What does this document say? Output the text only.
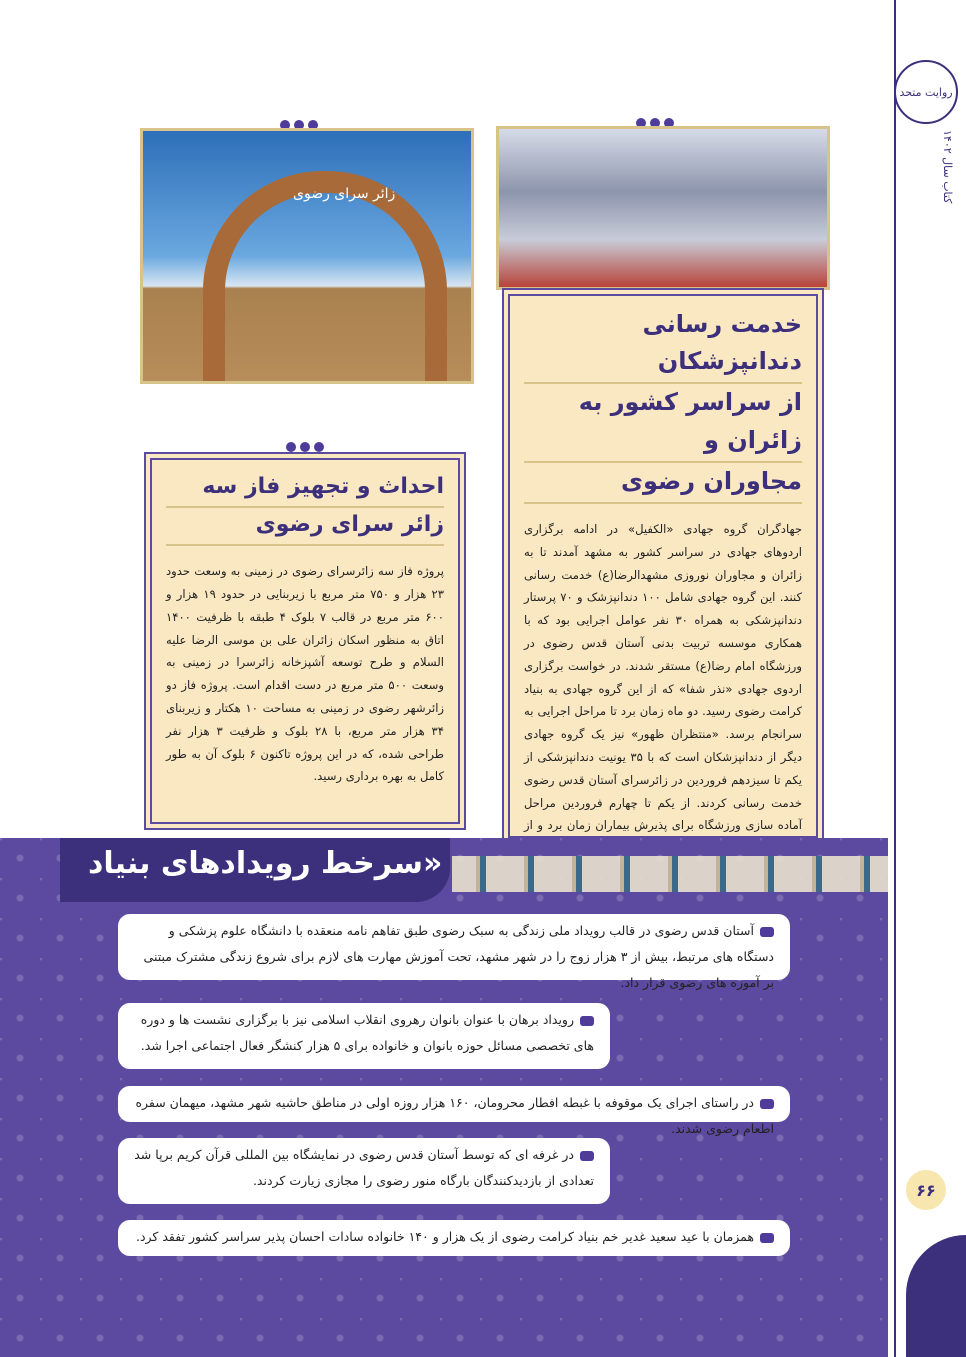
روایت متحد
کتاب سال ۱۴۰۲
۶۶
زائر سرای رضوی
خدمت رسانی دندانپزشکان
از سراسر کشور به زائران و
مجاوران رضوی
جهادگران گروه جهادی «الکفیل» در ادامه برگزاری اردوهای جهادی در سراسر کشور به مشهد آمدند تا به زائران و مجاوران نوروزی مشهدالرضا(ع) خدمت رسانی کنند. این گروه جهادی شامل ۱۰۰ دندانپزشک و ۷۰ پرستار دندانپزشکی به همراه ۳۰ نفر عوامل اجرایی بود که با همکاری موسسه تربیت بدنی آستان قدس رضوی در ورزشگاه امام رضا(ع) مستقر شدند. در خواست برگزاری اردوی جهادی «نذر شفا» که از این گروه جهادی به بنیاد کرامت رضوی رسید. دو ماه زمان برد تا مراحل اجرایی به سرانجام برسد. «منتظران ظهور» نیز یک گروه جهادی دیگر از دندانپزشکان است که با ۳۵ یونیت دندانپزشکی از یکم تا سیزدهم فروردین در زائرسرای آستان قدس رضوی خدمت رسانی کردند. از یکم تا چهارم فروردین مراحل آماده سازی ورزشگاه برای پذیرش بیماران زمان برد و از
احداث و تجهیز فاز سه
زائر سرای رضوی
پروژه فاز سه زائرسرای رضوی در زمینی به وسعت حدود ۲۳ هزار و ۷۵۰ متر مربع با زیربنایی در حدود ۱۹ هزار و ۶۰۰ متر مربع در قالب ۷ بلوک ۴ طبقه با ظرفیت ۱۴۰۰ اتاق به منظور اسکان زائران علی بن موسی الرضا علیه السلام و طرح توسعه آشپزخانه زائرسرا در زمینی به وسعت ۵۰۰ متر مربع در دست اقدام است. پروژه فاز دو زائرشهر رضوی در زمینی به مساحت ۱۰ هکتار و زیربنای ۳۴ هزار متر مربع، با ۲۸ بلوک و ظرفیت ۳ هزار نفر طراحی شده، که در این پروژه تاکنون ۶ بلوک آن به طور کامل به بهره برداری رسید.
«سرخط رویدادهای بنیاد
آستان قدس رضوی در قالب رویداد ملی زندگی به سبک رضوی طبق تفاهم نامه منعقده با دانشگاه علوم پزشکی و دستگاه های مرتبط، بیش از ۳ هزار زوج را در شهر مشهد، تحت آموزش مهارت های لازم برای شروع زندگی مشترک مبتنی بر آموزه های رضوی قرار داد.
رویداد برهان با عنوان بانوان رهروی انقلاب اسلامی نیز با برگزاری نشست ها و دوره های تخصصی مسائل حوزه بانوان و خانواده برای ۵ هزار کنشگر فعال اجتماعی اجرا شد.
در راستای اجرای یک موقوفه با غبطه افطار محرومان، ۱۶۰ هزار روزه اولی در مناطق حاشیه شهر مشهد، میهمان سفره اطعام رضوی شدند.
در غرفه ای که توسط آستان قدس رضوی در نمایشگاه بین المللی قرآن کریم برپا شد تعدادی از بازدیدکنندگان بارگاه منور رضوی را مجازی زیارت کردند.
همزمان با عید سعید غدیر خم بنیاد کرامت رضوی از یک هزار و ۱۴۰ خانواده سادات احسان پذیر سراسر کشور تفقد کرد.
